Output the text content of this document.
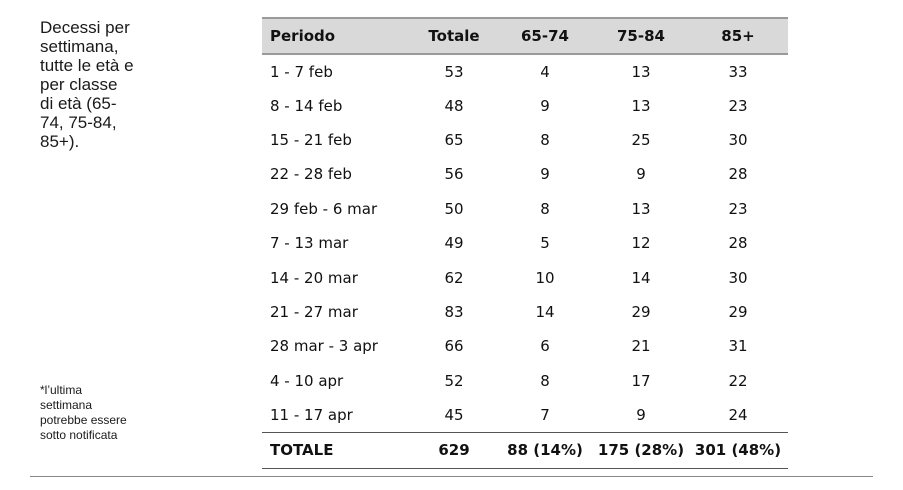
Decessi per
settimana,
tutte le età e
per classe
di età (65-
74, 75-84,
85+).
*l’ultima
settimana
potrebbe essere
sotto notificata
Periodo	Totale	65-74	75-84	85+
1 - 7 feb	53	4	13	33
8 - 14 feb	48	9	13	23
15 - 21 feb	65	8	25	30
22 - 28 feb	56	9	9	28
29 feb - 6 mar	50	8	13	23
7 - 13 mar	49	5	12	28
14 - 20 mar	62	10	14	30
21 - 27 mar	83	14	29	29
28 mar - 3 apr	66	6	21	31
4 - 10 apr	52	8	17	22
11 - 17 apr	45	7	9	24
TOTALE	629	88 (14%)	175 (28%)	301 (48%)
